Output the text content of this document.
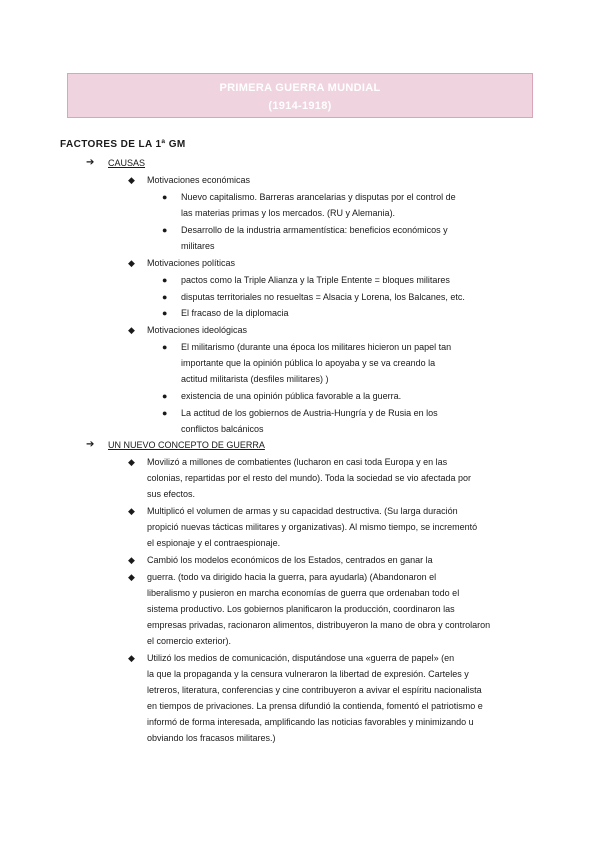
PRIMERA GUERRA MUNDIAL
(1914-1918)
FACTORES DE LA 1ª GM
➔ CAUSAS
◆ Motivaciones económicas
● Nuevo capitalismo. Barreras arancelarias y disputas por el control de
las materias primas y los mercados. (RU y Alemania).
● Desarrollo de la industria armamentística: beneficios económicos y
militares
◆ Motivaciones políticas
● pactos como la Triple Alianza y la Triple Entente = bloques militares
● disputas territoriales no resueltas = Alsacia y Lorena, los Balcanes, etc.
● El fracaso de la diplomacia
◆ Motivaciones ideológicas
● El militarismo (durante una época los militares hicieron un papel tan
importante que la opinión pública lo apoyaba y se va creando la
actitud militarista (desfiles militares) )
● existencia de una opinión pública favorable a la guerra.
● La actitud de los gobiernos de Austria-Hungría y de Rusia en los
conflictos balcánicos
➔ UN NUEVO CONCEPTO DE GUERRA
◆ Movilizó a millones de combatientes (lucharon en casi toda Europa y en las
colonias, repartidas por el resto del mundo). Toda la sociedad se vio afectada por
sus efectos.
◆ Multiplicó el volumen de armas y su capacidad destructiva. (Su larga duración
propició nuevas tácticas militares y organizativas). Al mismo tiempo, se incrementó
el espionaje y el contraespionaje.
◆ Cambió los modelos económicos de los Estados, centrados en ganar la
◆ guerra. (todo va dirigido hacia la guerra, para ayudarla) (Abandonaron el
liberalismo y pusieron en marcha economías de guerra que ordenaban todo el
sistema productivo. Los gobiernos planificaron la producción, coordinaron las
empresas privadas, racionaron alimentos, distribuyeron la mano de obra y controlaron
el comercio exterior).
◆ Utilizó los medios de comunicación, disputándose una «guerra de papel» (en
la que la propaganda y la censura vulneraron la libertad de expresión. Carteles y
letreros, literatura, conferencias y cine contribuyeron a avivar el espíritu nacionalista
en tiempos de privaciones. La prensa difundió la contienda, fomentó el patriotismo e
informó de forma interesada, amplificando las noticias favorables y minimizando u
obviando los fracasos militares.)
